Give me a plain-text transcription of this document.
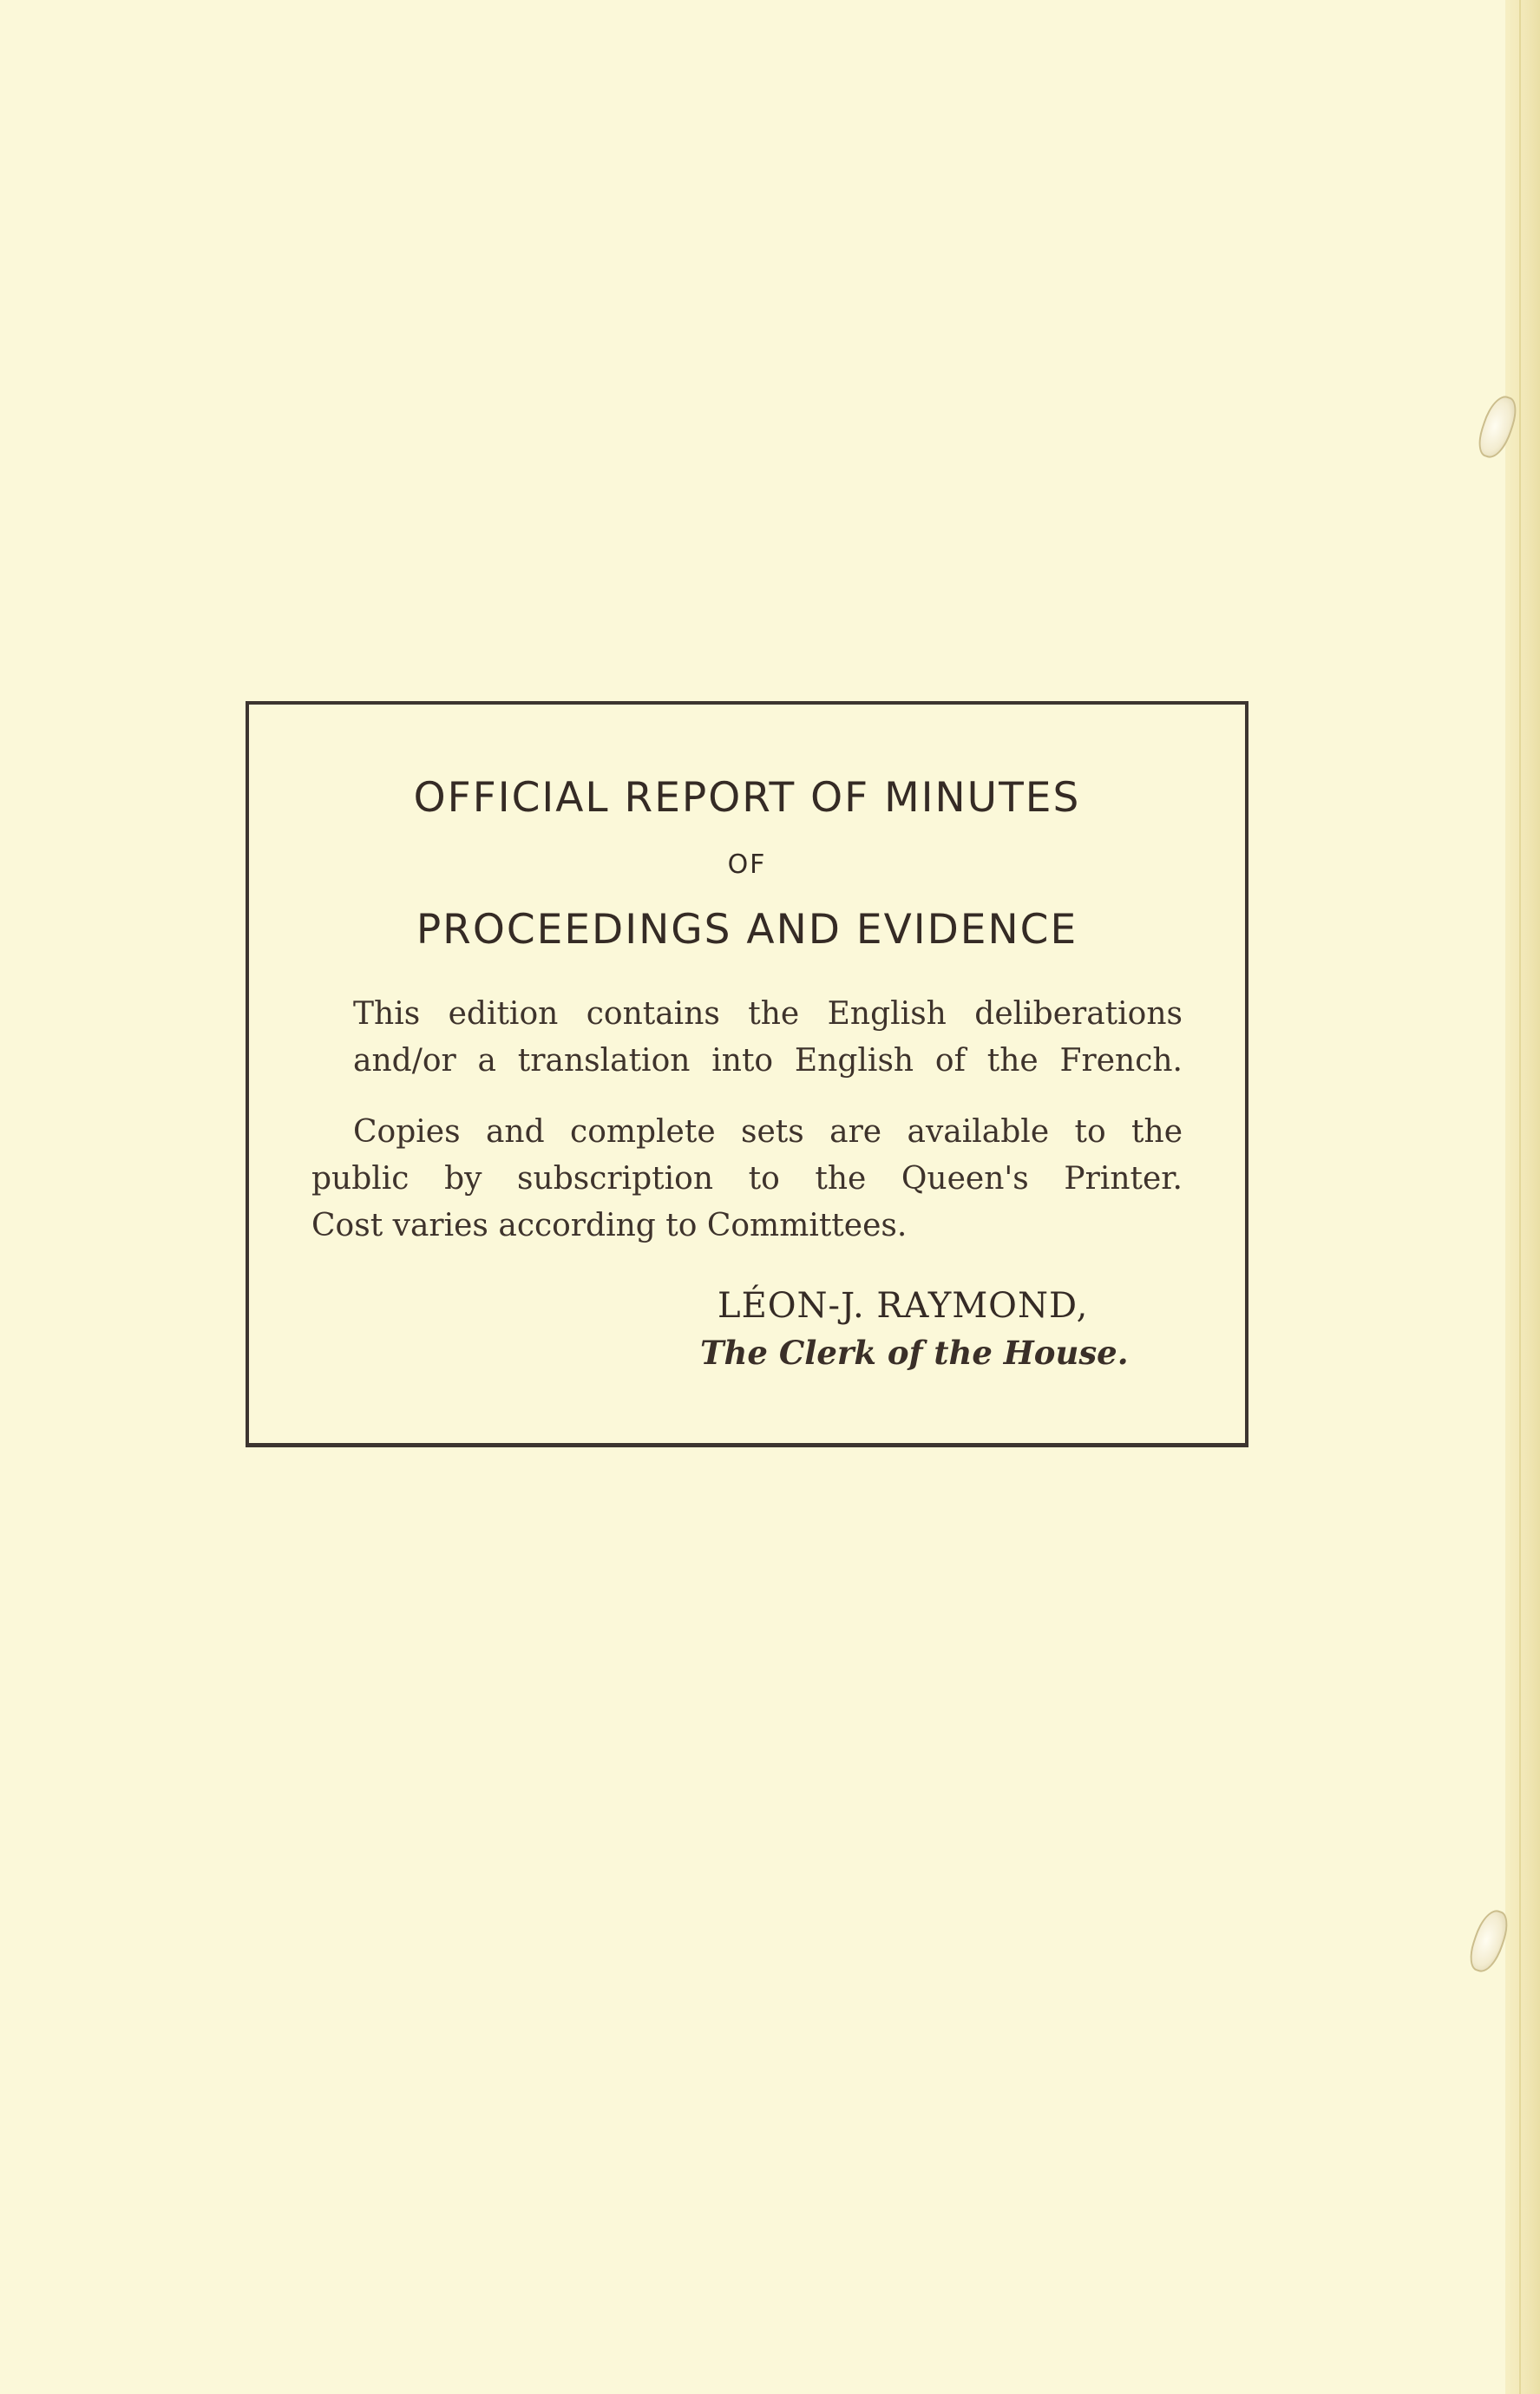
OFFICIAL REPORT OF MINUTES
OF
PROCEEDINGS AND EVIDENCE

This edition contains the English deliberations
and/or a translation into English of the French.

Copies and complete sets are available to the

public by subscription to the Queen's Printer.

Cost varies according to Committees.

LÉON-J. RAYMOND,

The Clerk of the House.
